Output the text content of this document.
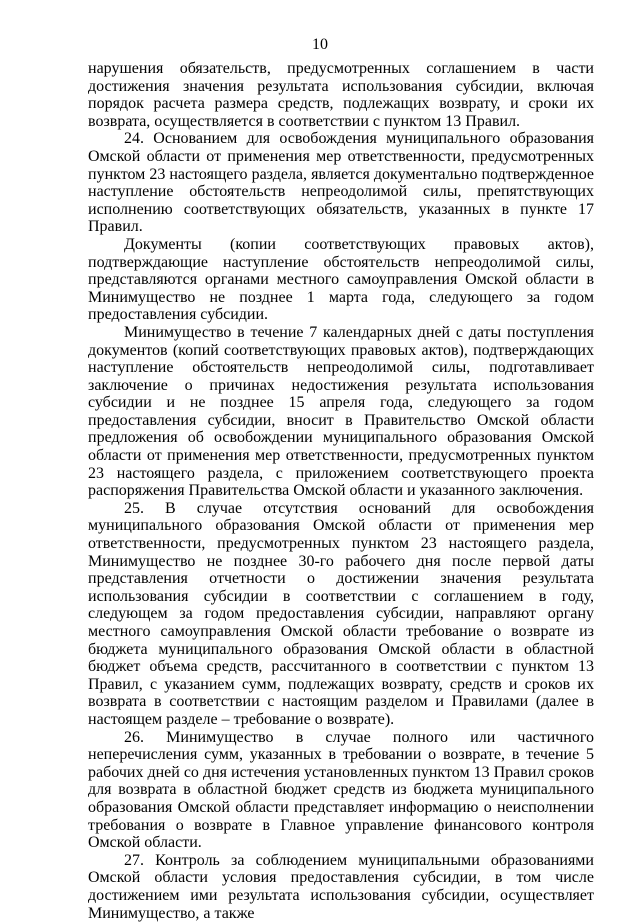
10

нарушения обязательств, предусмотренных соглашением в части достижения значения результата использования субсидии, включая порядок расчета размера средств, подлежащих возврату, и сроки их возврата, осуществляется в соответствии с пунктом 13 Правил.

24. Основанием для освобождения муниципального образования Омской области от применения мер ответственности, предусмотренных пунктом 23 настоящего раздела, является документально подтвержденное наступление обстоятельств непреодолимой силы, препятствующих исполнению соответствующих обязательств, указанных в пункте 17 Правил.

Документы (копии соответствующих правовых актов), подтверждающие наступление обстоятельств непреодолимой силы, представляются органами местного самоуправления Омской области в Минимущество не позднее 1 марта года, следующего за годом предоставления субсидии.

Минимущество в течение 7 календарных дней с даты поступления документов (копий соответствующих правовых актов), подтверждающих наступление обстоятельств непреодолимой силы, подготавливает заключение о причинах недостижения результата использования субсидии и не позднее 15 апреля года, следующего за годом предоставления субсидии, вносит в Правительство Омской области предложения об освобождении муниципального образования Омской области от применения мер ответственности, предусмотренных пунктом 23 настоящего раздела, с приложением соответствующего проекта распоряжения Правительства Омской области и указанного заключения.

25. В случае отсутствия оснований для освобождения муниципального образования Омской области от применения мер ответственности, предусмотренных пунктом 23 настоящего раздела, Минимущество не позднее 30-го рабочего дня после первой даты представления отчетности о достижении значения результата использования субсидии в соответствии с соглашением в году, следующем за годом предоставления субсидии, направляют органу местного самоуправления Омской области требование о возврате из бюджета муниципального образования Омской области в областной бюджет объема средств, рассчитанного в соответствии с пунктом 13 Правил, с указанием сумм, подлежащих возврату, средств и сроков их возврата в соответствии с настоящим разделом и Правилами (далее в настоящем разделе – требование о возврате).

26. Минимущество в случае полного или частичного неперечисления сумм, указанных в требовании о возврате, в течение 5 рабочих дней со дня истечения установленных пунктом 13 Правил сроков для возврата в областной бюджет средств из бюджета муниципального образования Омской области представляет информацию о неисполнении требования о возврате в Главное управление финансового контроля Омской области.

27. Контроль за соблюдением муниципальными образованиями Омской области условия предоставления субсидии, в том числе достижением ими результата использования субсидии, осуществляет Минимущество, а также
